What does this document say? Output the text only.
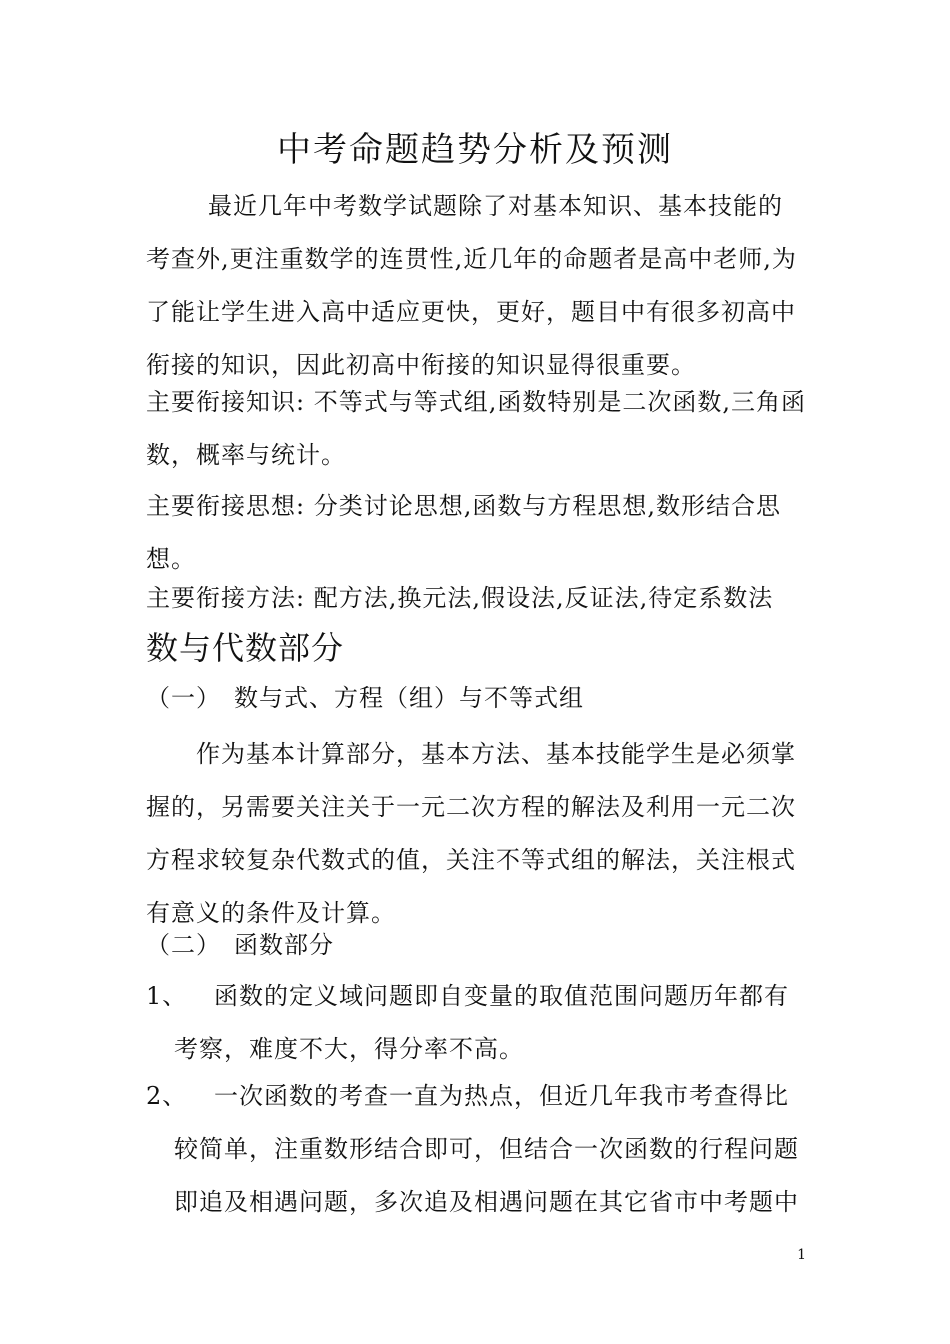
中考命题趋势分析及预测

最近几年中考数学试题除了对基本知识、基本技能的考查外,更注重数学的连贯性,近几年的命题者是高中老师,为了能让学生进入高中适应更快，更好，题目中有很多初高中衔接的知识，因此初高中衔接的知识显得很重要。

主要衔接知识: 不等式与等式组,函数特别是二次函数,三角函数，概率与统计。

主要衔接思想: 分类讨论思想,函数与方程思想,数形结合思想。

主要衔接方法: 配方法,换元法,假设法,反证法,待定系数法

数与代数部分

（一）　数与式、方程（组）与不等式组

作为基本计算部分，基本方法、基本技能学生是必须掌握的，另需要关注关于一元二次方程的解法及利用一元二次方程求较复杂代数式的值，关注不等式组的解法，关注根式有意义的条件及计算。

（二）　函数部分

1、	函数的定义域问题即自变量的取值范围问题历年都有考察，难度不大，得分率不高。
2、	一次函数的考查一直为热点，但近几年我市考查得比较简单，注重数形结合即可，但结合一次函数的行程问题即追及相遇问题，多次追及相遇问题在其它省市中考题中
1
